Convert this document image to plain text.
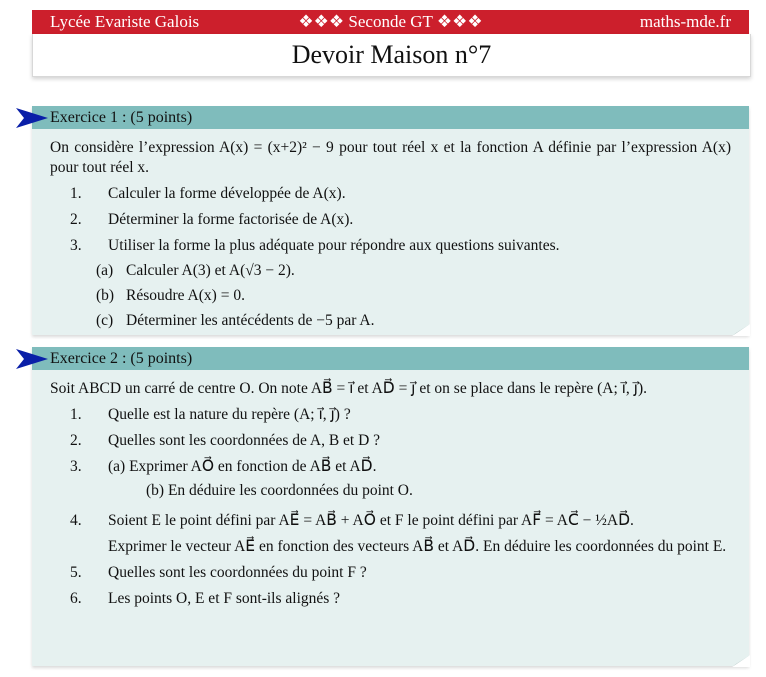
Lycée Evariste Galois	❖❖❖ Seconde GT ❖❖❖	maths-mde.fr
Devoir Maison n°7
Exercice 1 : (5 points)

On considère l’expression A(x) = (x+2)² − 9 pour tout réel x et la fonction A définie par l’expression A(x) pour tout réel x.

1. Calculer la forme développée de A(x).
2. Déterminer la forme factorisée de A(x).
3. Utiliser la forme la plus adéquate pour répondre aux questions suivantes.
(a) Calculer A(3) et A(√3 − 2).
(b) Résoudre A(x) = 0.
(c) Déterminer les antécédents de −5 par A.
Exercice 2 : (5 points)

Soit ABCD un carré de centre O. On note AB⃗ = i⃗ et AD⃗ = j⃗ et on se place dans le repère (A; i⃗, j⃗).

1. Quelle est la nature du repère (A; i⃗, j⃗) ?
2. Quelles sont les coordonnées de A, B et D ?
3. (a) Exprimer AO⃗ en fonction de AB⃗ et AD⃗.
(b) En déduire les coordonnées du point O.
4. Soient E le point défini par AE⃗ = AB⃗ + AO⃗ et F le point défini par AF⃗ = AC⃗ − ½AD⃗.
Exprimer le vecteur AE⃗ en fonction des vecteurs AB⃗ et AD⃗. En déduire les coordonnées du point E.
5. Quelles sont les coordonnées du point F ?
6. Les points O, E et F sont-ils alignés ?
